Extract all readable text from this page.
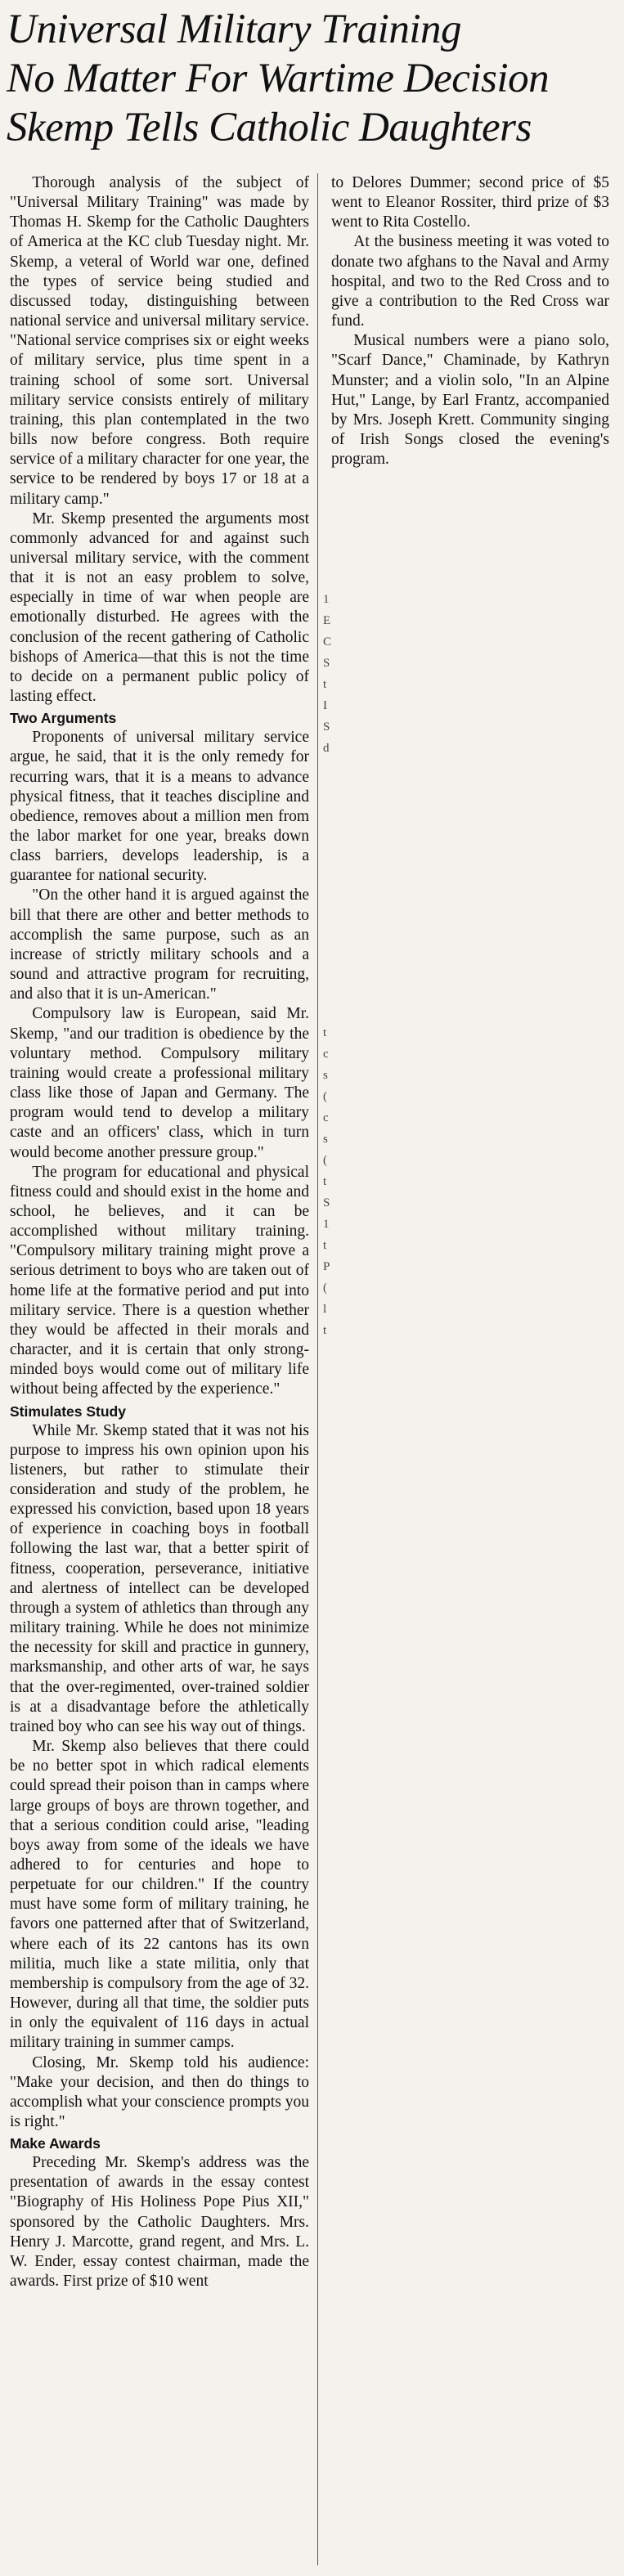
Universal Military Training
No Matter For Wartime Decision
Skemp Tells Catholic Daughters

Thorough analysis of the subject of "Universal Military Training" was made by Thomas H. Skemp for the Catholic Daughters of America at the KC club Tuesday night. Mr. Skemp, a veteral of World war one, defined the types of service being studied and discussed today, distinguishing between national service and universal military service. "National service comprises six or eight weeks of military service, plus time spent in a training school of some sort. Universal military service consists entirely of military training, this plan contemplated in the two bills now before congress. Both require service of a military character for one year, the service to be rendered by boys 17 or 18 at a military camp."

Mr. Skemp presented the arguments most commonly advanced for and against such universal military service, with the comment that it is not an easy problem to solve, especially in time of war when people are emotionally disturbed. He agrees with the conclusion of the recent gathering of Catholic bishops of America—that this is not the time to decide on a permanent public policy of lasting effect.

Two Arguments

Proponents of universal military service argue, he said, that it is the only remedy for recurring wars, that it is a means to advance physical fitness, that it teaches discipline and obedience, removes about a million men from the labor market for one year, breaks down class barriers, develops leadership, is a guarantee for national security.

"On the other hand it is argued against the bill that there are other and better methods to accomplish the same purpose, such as an increase of strictly military schools and a sound and attractive program for recruiting, and also that it is un-American."

Compulsory law is European, said Mr. Skemp, "and our tradition is obedience by the voluntary method. Compulsory military training would create a professional military class like those of Japan and Germany. The program would tend to develop a military caste and an officers' class, which in turn would become another pressure group."

The program for educational and physical fitness could and should exist in the home and school, he believes, and it can be accomplished without military training. "Compulsory military training might prove a serious detriment to boys who are taken out of home life at the formative period and put into military service. There is a question whether they would be affected in their morals and character, and it is certain that only strong-minded boys would come out of military life without being affected by the experience."

Stimulates Study

While Mr. Skemp stated that it was not his purpose to impress his own opinion upon his listeners, but rather to stimulate their consideration and study of the problem, he expressed his conviction, based upon 18 years of experience in coaching boys in football following the last war, that a better spirit of fitness, cooperation, perseverance, initiative and alertness of intellect can be developed through a system of athletics than through any military training. While he does not minimize the necessity for skill and practice in gunnery, marksmanship, and other arts of war, he says that the over-regimented, over-trained soldier is at a disadvantage before the athletically trained boy who can see his way out of things.

Mr. Skemp also believes that there could be no better spot in which radical elements could spread their poison than in camps where large groups of boys are thrown together, and that a serious condition could arise, "leading boys away from some of the ideals we have adhered to for centuries and hope to perpetuate for our children." If the country must have some form of military training, he favors one patterned after that of Switzerland, where each of its 22 cantons has its own militia, much like a state militia, only that membership is compulsory from the age of 32. However, during all that time, the soldier puts in only the equivalent of 116 days in actual military training in summer camps.

Closing, Mr. Skemp told his audience: "Make your decision, and then do things to accomplish what your conscience prompts you is right."

Make Awards

Preceding Mr. Skemp's address was the presentation of awards in the essay contest "Biography of His Holiness Pope Pius XII," sponsored by the Catholic Daughters. Mrs. Henry J. Marcotte, grand regent, and Mrs. L. W. Ender, essay contest chairman, made the awards. First prize of $10 went

to Delores Dummer; second price of $5 went to Eleanor Rossiter, third prize of $3 went to Rita Costello.

At the business meeting it was voted to donate two afghans to the Naval and Army hospital, and two to the Red Cross and to give a contribution to the Red Cross war fund.

Musical numbers were a piano solo, "Scarf Dance," Chaminade, by Kathryn Munster; and a violin solo, "In an Alpine Hut," Lange, by Earl Frantz, accompanied by Mrs. Joseph Krett. Community singing of Irish Songs closed the evening's program.

1
E
C
S
t
I
S
d
t
c
s
(
c
s
(
t
S
1
t
P
(
l
t
